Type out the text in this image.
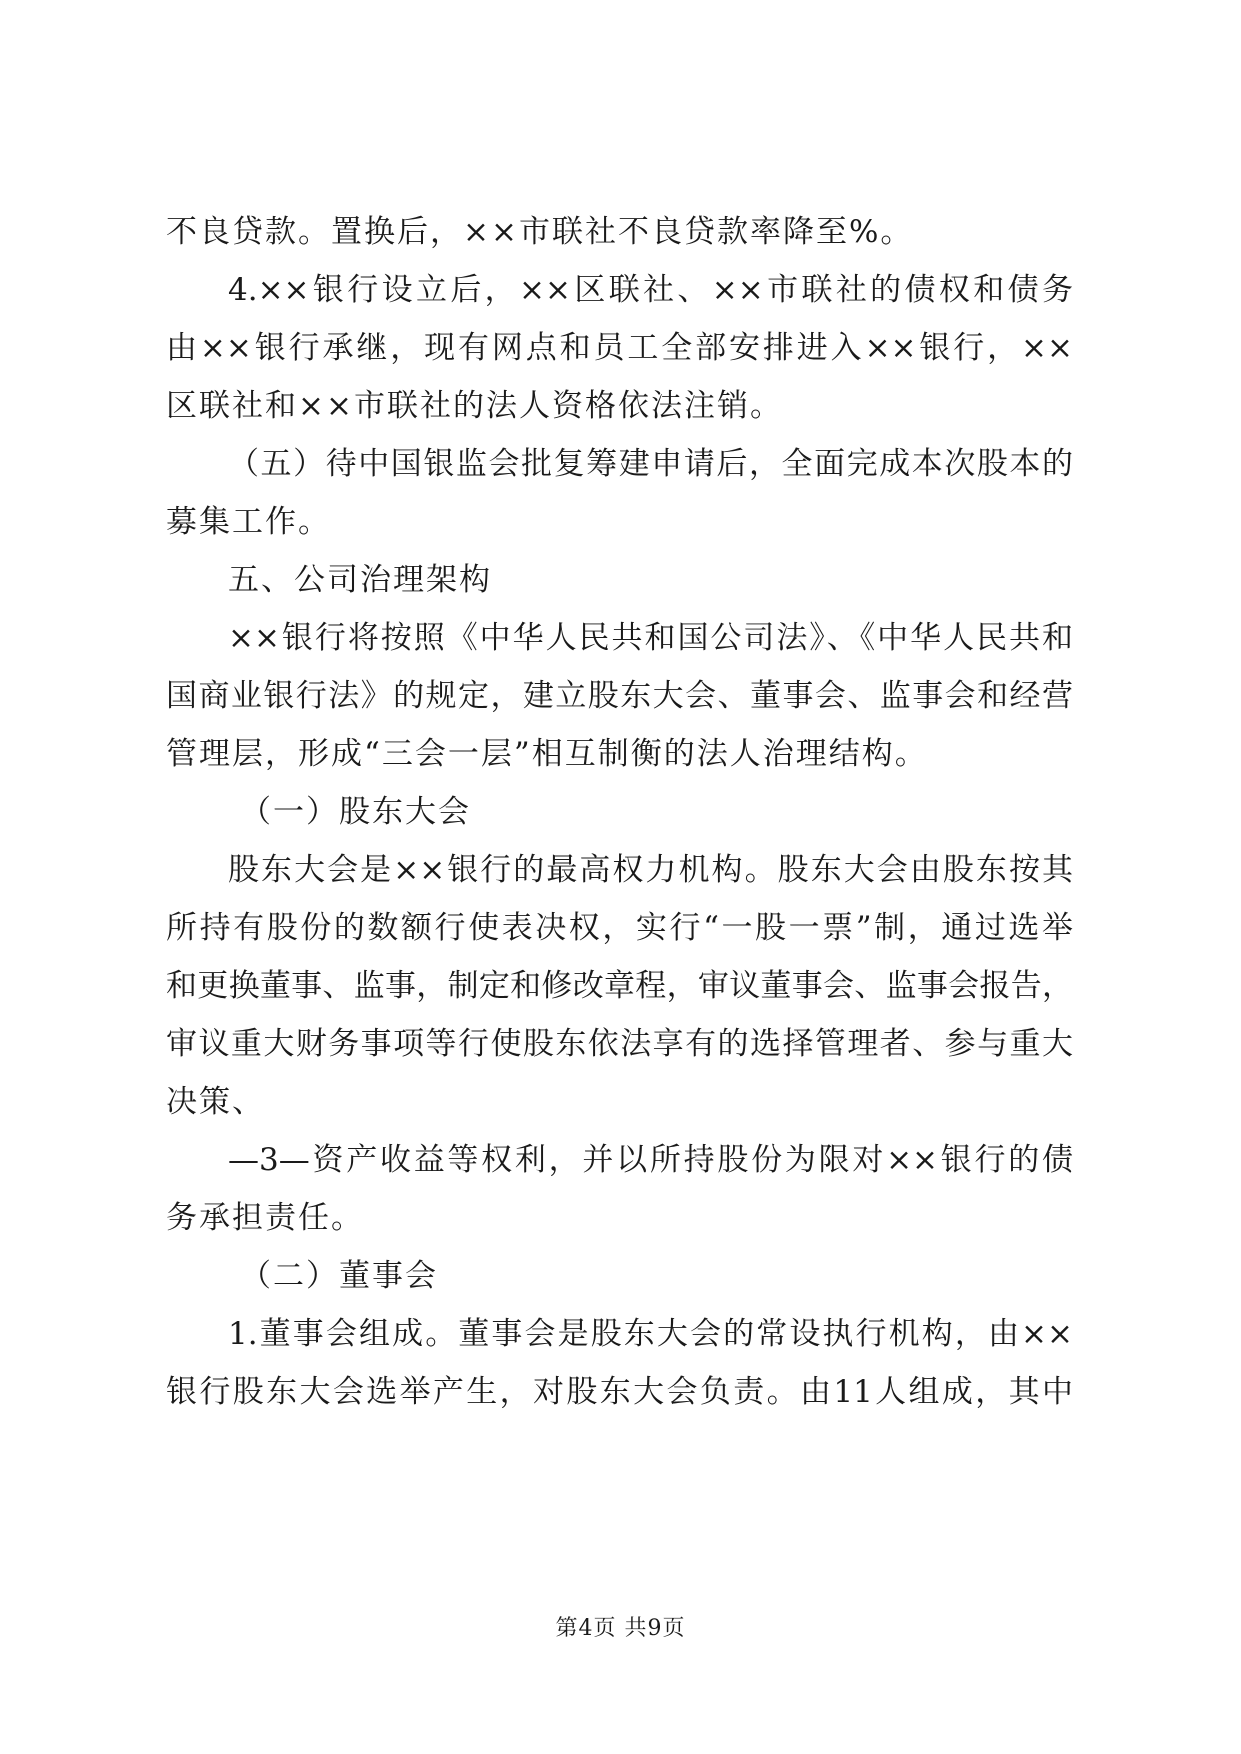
不良贷款。置换后，××市联社不良贷款率降至%。
4.××银行设立后，××区联社、××市联社的债权和债务
由××银行承继，现有网点和员工全部安排进入××银行，××
区联社和××市联社的法人资格依法注销。
（五）待中国银监会批复筹建申请后，全面完成本次股本的
募集工作。
五、公司治理架构
××银行将按照《中华人民共和国公司法》、《中华人民共和
国商业银行法》的规定，建立股东大会、董事会、监事会和经营
管理层，形成“三会一层”相互制衡的法人治理结构。
（一）股东大会
股东大会是××银行的最高权力机构。股东大会由股东按其
所持有股份的数额行使表决权，实行“一股一票”制，通过选举
和更换董事、监事，制定和修改章程，审议董事会、监事会报告，
审议重大财务事项等行使股东依法享有的选择管理者、参与重大
决策、
—3—资产收益等权利，并以所持股份为限对××银行的债
务承担责任。
（二）董事会
1.董事会组成。董事会是股东大会的常设执行机构，由××
银行股东大会选举产生，对股东大会负责。由11人组成，其中
第4页 共9页
